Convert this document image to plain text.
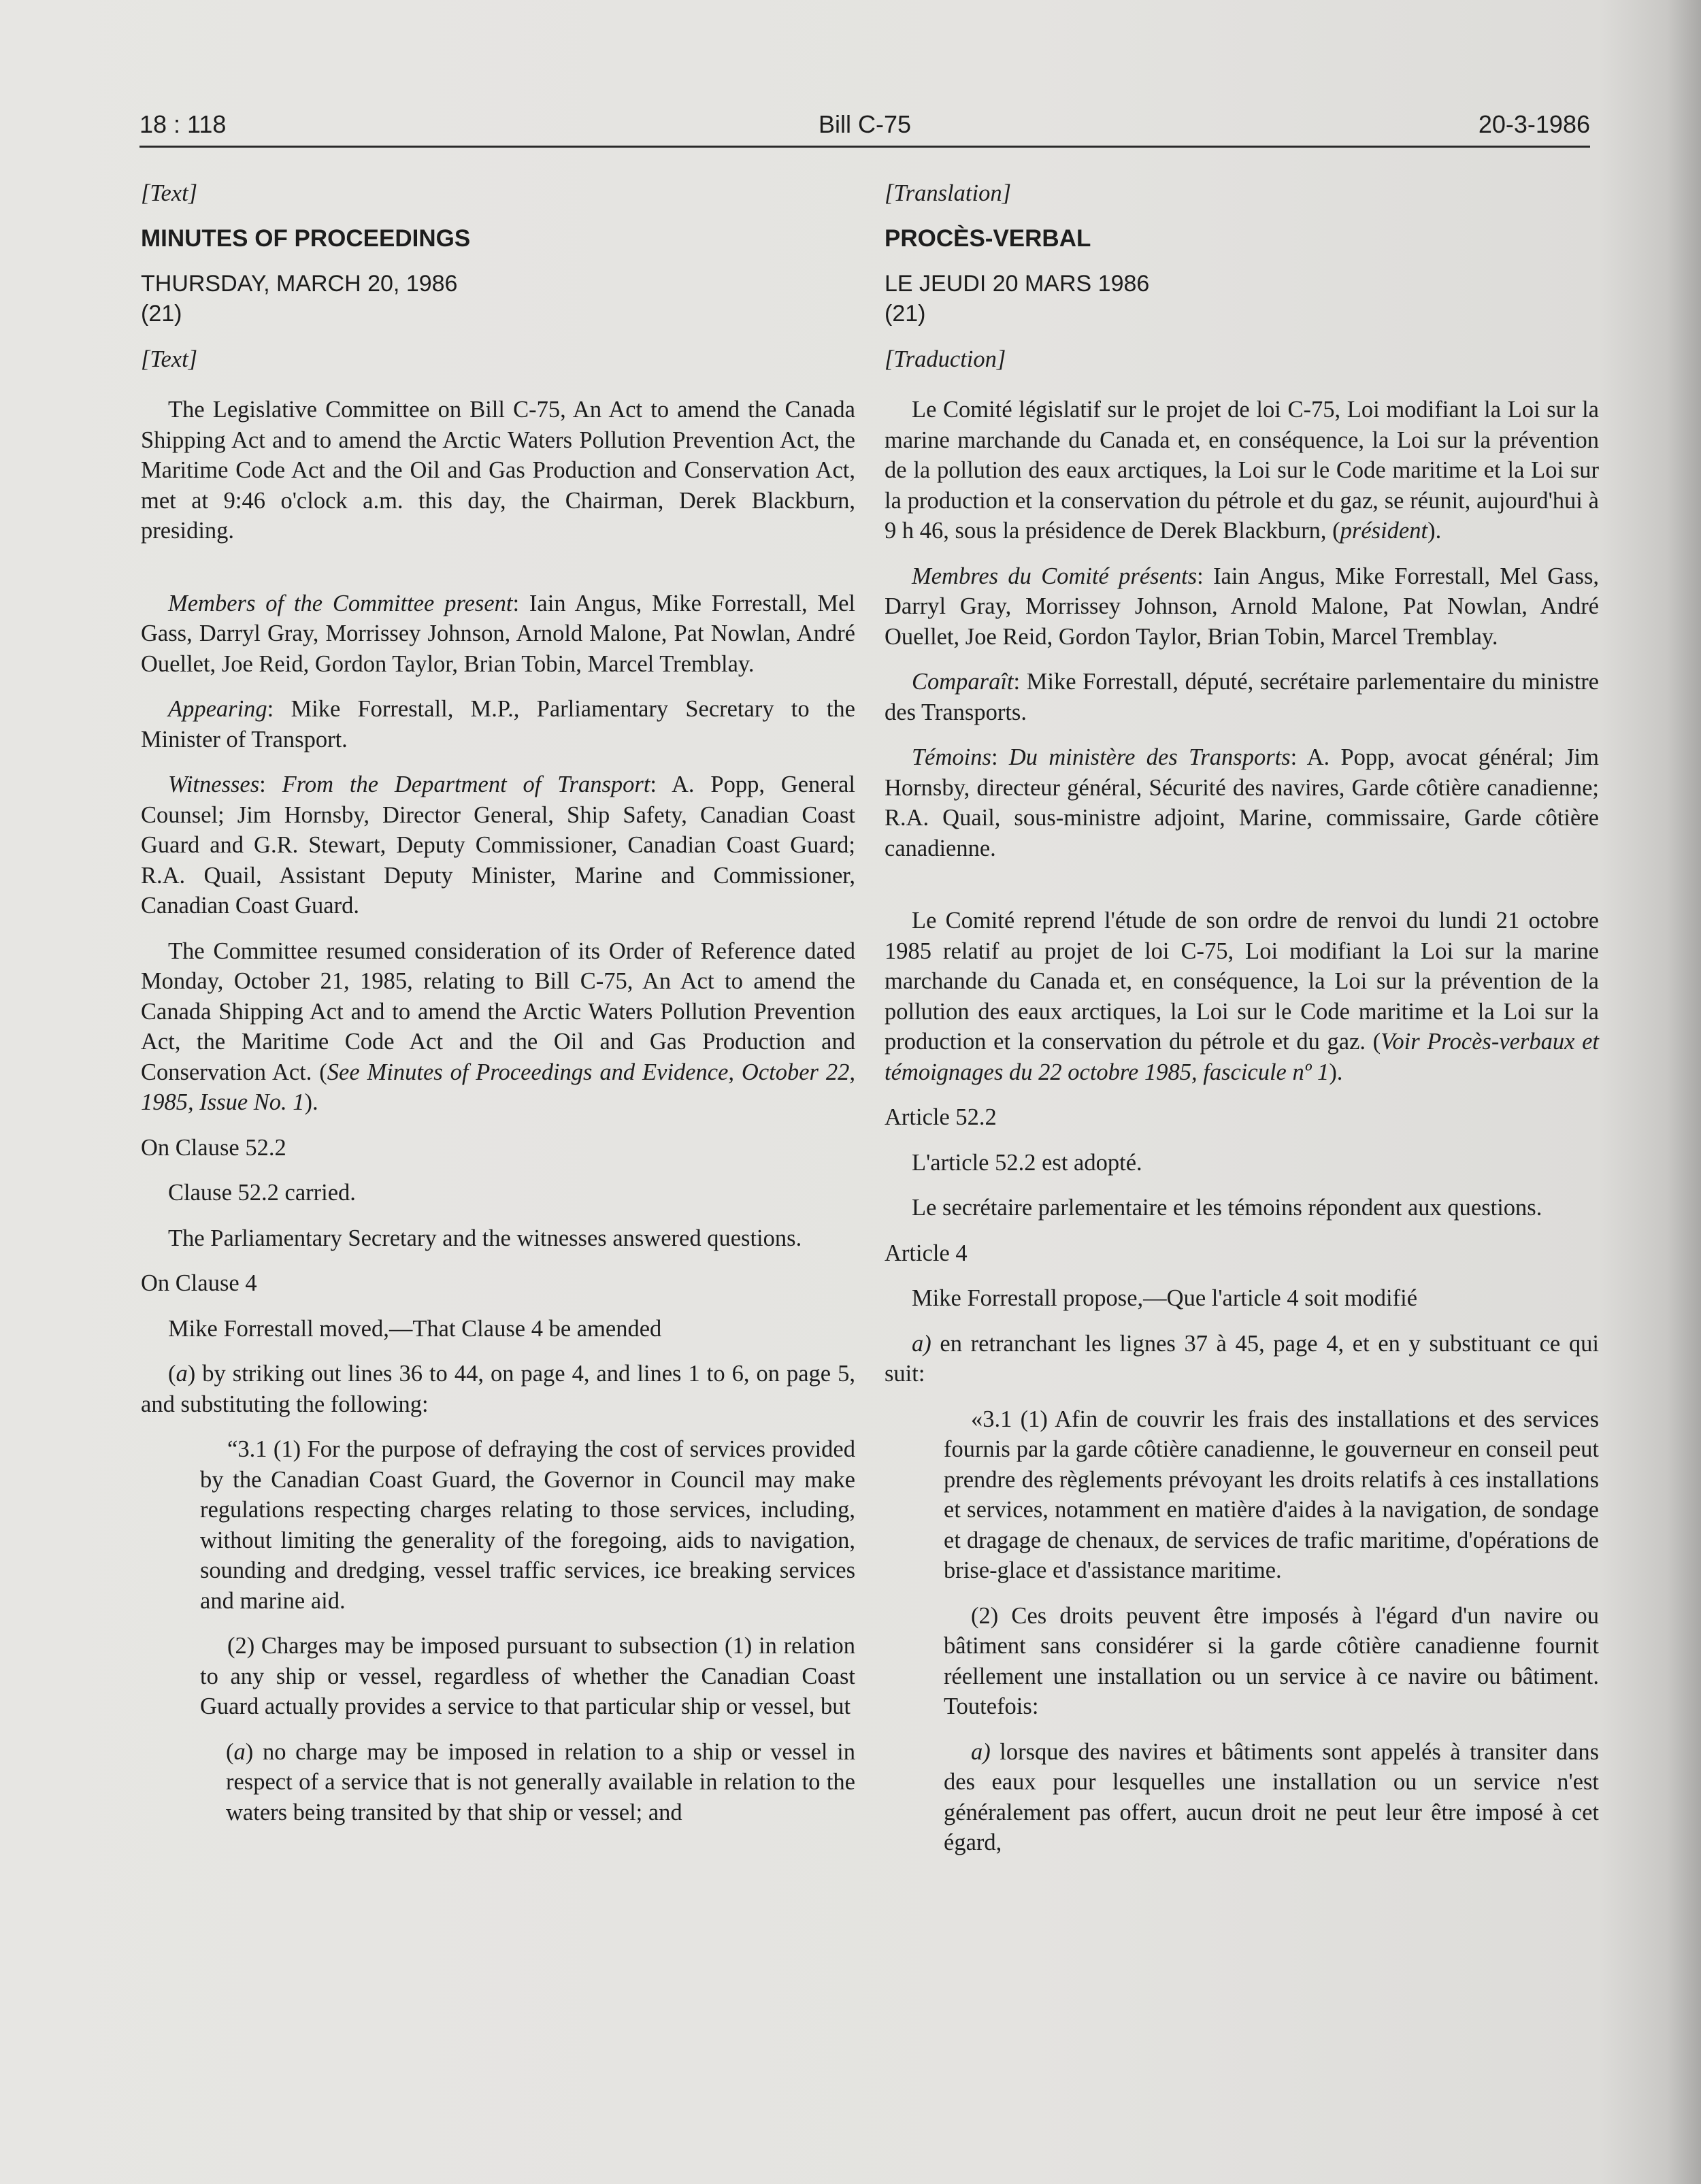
18 : 118	Bill C-75	20-3-1986

[Text]

MINUTES OF PROCEEDINGS

THURSDAY, MARCH 20, 1986

(21)

[Text]

The Legislative Committee on Bill C-75, An Act to amend the Canada Shipping Act and to amend the Arctic Waters Pollution Prevention Act, the Maritime Code Act and the Oil and Gas Production and Conservation Act, met at 9:46 o'clock a.m. this day, the Chairman, Derek Blackburn, presiding.

Members of the Committee present: Iain Angus, Mike Forrestall, Mel Gass, Darryl Gray, Morrissey Johnson, Arnold Malone, Pat Nowlan, André Ouellet, Joe Reid, Gordon Taylor, Brian Tobin, Marcel Tremblay.

Appearing: Mike Forrestall, M.P., Parliamentary Secretary to the Minister of Transport.

Witnesses: From the Department of Transport: A. Popp, General Counsel; Jim Hornsby, Director General, Ship Safety, Canadian Coast Guard and G.R. Stewart, Deputy Commissioner, Canadian Coast Guard; R.A. Quail, Assistant Deputy Minister, Marine and Commissioner, Canadian Coast Guard.

The Committee resumed consideration of its Order of Reference dated Monday, October 21, 1985, relating to Bill C-75, An Act to amend the Canada Shipping Act and to amend the Arctic Waters Pollution Prevention Act, the Maritime Code Act and the Oil and Gas Production and Conservation Act. (See Minutes of Proceedings and Evidence, October 22, 1985, Issue No. 1).

On Clause 52.2

Clause 52.2 carried.

The Parliamentary Secretary and the witnesses answered questions.

On Clause 4

Mike Forrestall moved,—That Clause 4 be amended

(a) by striking out lines 36 to 44, on page 4, and lines 1 to 6, on page 5, and substituting the following:

“3.1 (1) For the purpose of defraying the cost of services provided by the Canadian Coast Guard, the Governor in Council may make regulations respecting charges relating to those services, including, without limiting the generality of the foregoing, aids to navigation, sounding and dredging, vessel traffic services, ice breaking services and marine aid.

(2) Charges may be imposed pursuant to subsection (1) in relation to any ship or vessel, regardless of whether the Canadian Coast Guard actually provides a service to that particular ship or vessel, but

(a) no charge may be imposed in relation to a ship or vessel in respect of a service that is not generally available in relation to the waters being transited by that ship or vessel; and

[Translation]

PROCÈS-VERBAL

LE JEUDI 20 MARS 1986

(21)

[Traduction]

Le Comité législatif sur le projet de loi C-75, Loi modifiant la Loi sur la marine marchande du Canada et, en conséquence, la Loi sur la prévention de la pollution des eaux arctiques, la Loi sur le Code maritime et la Loi sur la production et la conservation du pétrole et du gaz, se réunit, aujourd'hui à 9 h 46, sous la présidence de Derek Blackburn, (président).

Membres du Comité présents: Iain Angus, Mike Forrestall, Mel Gass, Darryl Gray, Morrissey Johnson, Arnold Malone, Pat Nowlan, André Ouellet, Joe Reid, Gordon Taylor, Brian Tobin, Marcel Tremblay.

Comparaît: Mike Forrestall, député, secrétaire parlementaire du ministre des Transports.

Témoins: Du ministère des Transports: A. Popp, avocat général; Jim Hornsby, directeur général, Sécurité des navires, Garde côtière canadienne; R.A. Quail, sous-ministre adjoint, Marine, commissaire, Garde côtière canadienne.

Le Comité reprend l'étude de son ordre de renvoi du lundi 21 octobre 1985 relatif au projet de loi C-75, Loi modifiant la Loi sur la marine marchande du Canada et, en conséquence, la Loi sur la prévention de la pollution des eaux arctiques, la Loi sur le Code maritime et la Loi sur la production et la conservation du pétrole et du gaz. (Voir Procès-verbaux et témoignages du 22 octobre 1985, fascicule nº 1).

Article 52.2

L'article 52.2 est adopté.

Le secrétaire parlementaire et les témoins répondent aux questions.

Article 4

Mike Forrestall propose,—Que l'article 4 soit modifié

a) en retranchant les lignes 37 à 45, page 4, et en y substituant ce qui suit:

«3.1 (1) Afin de couvrir les frais des installations et des services fournis par la garde côtière canadienne, le gouverneur en conseil peut prendre des règlements prévoyant les droits relatifs à ces installations et services, notamment en matière d'aides à la navigation, de sondage et dragage de chenaux, de services de trafic maritime, d'opérations de brise-glace et d'assistance maritime.

(2) Ces droits peuvent être imposés à l'égard d'un navire ou bâtiment sans considérer si la garde côtière canadienne fournit réellement une installation ou un service à ce navire ou bâtiment. Toutefois:

a) lorsque des navires et bâtiments sont appelés à transiter dans des eaux pour lesquelles une installation ou un service n'est généralement pas offert, aucun droit ne peut leur être imposé à cet égard,
